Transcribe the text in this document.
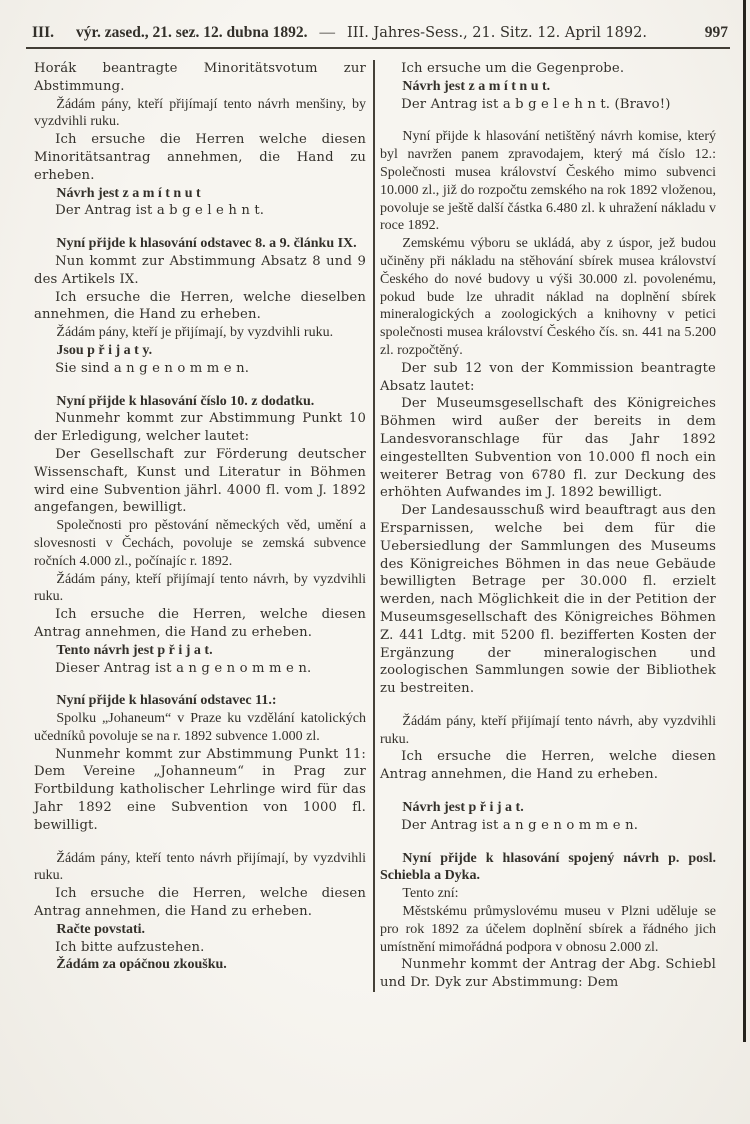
III. výr. zased., 21. sez. 12. dubna 1892. — III. Jahres-Sess., 21. Sitz. 12. April 1892.	997

Horák beantragte Minoritätsvotum zur Abstimmung.

Žádám pány, kteří přijímají tento návrh menšiny, by vyzdvihli ruku.

Ich ersuche die Herren welche diesen Minoritätsantrag annehmen, die Hand zu erheben.

Návrh jest z a m í t n u t

Der Antrag ist a b g e l e h n t.

Nyní přijde k hlasování odstavec 8. a 9. článku IX.

Nun kommt zur Abstimmung Absatz 8 und 9 des Artikels IX.

Ich ersuche die Herren, welche dieselben annehmen, die Hand zu erheben.

Žádám pány, kteří je přijímají, by vyzdvihli ruku.

Jsou p ř i j a t y.

Sie sind a n g e n o m m e n.

Nyní přijde k hlasování číslo 10. z dodatku.

Nunmehr kommt zur Abstimmung Punkt 10 der Erledigung, welcher lautet:

Der Gesellschaft zur Förderung deutscher Wissenschaft, Kunst und Literatur in Böhmen wird eine Subvention jährl. 4000 fl. vom J. 1892 angefangen, bewilligt.

Společnosti pro pěstování německých věd, umění a slovesnosti v Čechách, povoluje se zemská subvence ročních 4.000 zl., počínajíc r. 1892.

Žádám pány, kteří přijímají tento návrh, by vyzdvihli ruku.

Ich ersuche die Herren, welche diesen Antrag annehmen, die Hand zu erheben.

Tento návrh jest p ř i j a t.

Dieser Antrag ist a n g e n o m m e n.

Nyní přijde k hlasování odstavec 11.:

Spolku „Johaneum“ v Praze ku vzdělání katolických učedníků povoluje se na r. 1892 subvence 1.000 zl.

Nunmehr kommt zur Abstimmung Punkt 11: Dem Vereine „Johanneum“ in Prag zur Fortbildung katholischer Lehrlinge wird für das Jahr 1892 eine Subvention von 1000 fl. bewilligt.

Žádám pány, kteří tento návrh přijímají, by vyzdvihli ruku.

Ich ersuche die Herren, welche diesen Antrag annehmen, die Hand zu erheben.

Račte povstati.

Ich bitte aufzustehen.

Žádám za opáčnou zkoušku.

Ich ersuche um die Gegenprobe.

Návrh jest z a m í t n u t.

Der Antrag ist a b g e l e h n t. (Bravo!)

Nyní přijde k hlasování netištěný návrh komise, který byl navržen panem zpravodajem, který má číslo 12.: Společnosti musea království Českého mimo subvenci 10.000 zl., již do rozpočtu zemského na rok 1892 vloženou, povoluje se ještě další částka 6.480 zl. k uhražení nákladu v roce 1892.

Zemskému výboru se ukládá, aby z úspor, jež budou učiněny při nákladu na stěhování sbírek musea království Českého do nové budovy u výši 30.000 zl. povolenému, pokud bude lze uhradit náklad na doplnění sbírek mineralogických a zoologických a knihovny v petici společnosti musea království Českého čís. sn. 441 na 5.200 zl. rozpočtěný.

Der sub 12 von der Kommission beantragte Absatz lautet:

Der Museumsgesellschaft des Königreiches Böhmen wird außer der bereits in dem Landesvoranschlage für das Jahr 1892 eingestellten Subvention von 10.000 fl noch ein weiterer Betrag von 6780 fl. zur Deckung des erhöhten Aufwandes im J. 1892 bewilligt.

Der Landesausschuß wird beauftragt aus den Ersparnissen, welche bei dem für die Uebersiedlung der Sammlungen des Museums des Königreiches Böhmen in das neue Gebäude bewilligten Betrage per 30.000 fl. erzielt werden, nach Möglichkeit die in der Petition der Museumsgesellschaft des Königreiches Böhmen Z. 441 Ldtg. mit 5200 fl. bezifferten Kosten der Ergänzung der mineralogischen und zoologischen Sammlungen sowie der Bibliothek zu bestreiten.

Žádám pány, kteří přijímají tento návrh, aby vyzdvihli ruku.

Ich ersuche die Herren, welche diesen Antrag annehmen, die Hand zu erheben.

Návrh jest p ř i j a t.

Der Antrag ist a n g e n o m m e n.

Nyní přijde k hlasování spojený návrh p. posl. Schiebla a Dyka.

Tento zní:

Městskému průmyslovému museu v Plzni uděluje se pro rok 1892 za účelem doplnění sbírek a řádného jich umístnění mimořádná podpora v obnosu 2.000 zl.

Nunmehr kommt der Antrag der Abg. Schiebl und Dr. Dyk zur Abstimmung: Dem
